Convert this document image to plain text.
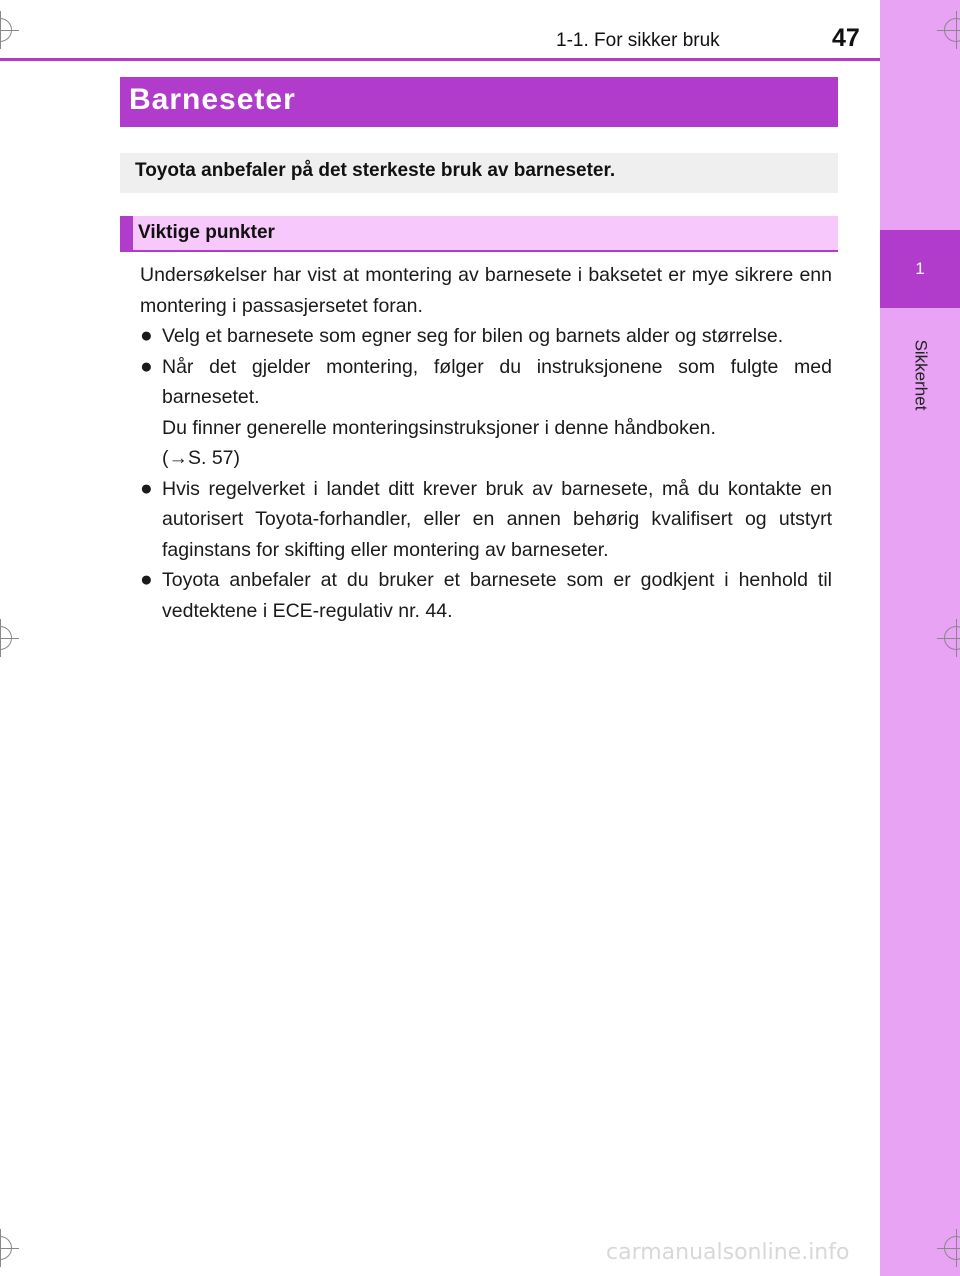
1
Sikkerhet
1-1. For sikker bruk	47
Barneseter
Toyota anbefaler på det sterkeste bruk av barneseter.
Viktige punkter

Undersøkelser har vist at montering av barnesete i baksetet er mye sikrere enn montering i passasjersetet foran.

● Velg et barnesete som egner seg for bilen og barnets alder og størrelse.
● Når det gjelder montering, følger du instruksjonene som fulgte med barnesetet.
Du finner generelle monteringsinstruksjoner i denne håndboken.
(→S. 57)
● Hvis regelverket i landet ditt krever bruk av barnesete, må du kontakte en autorisert Toyota-forhandler, eller en annen behørig kvalifisert og utstyrt faginstans for skifting eller montering av barneseter.
● Toyota anbefaler at du bruker et barnesete som er godkjent i henhold til vedtektene i ECE-regulativ nr. 44.
carmanualsonline.info
